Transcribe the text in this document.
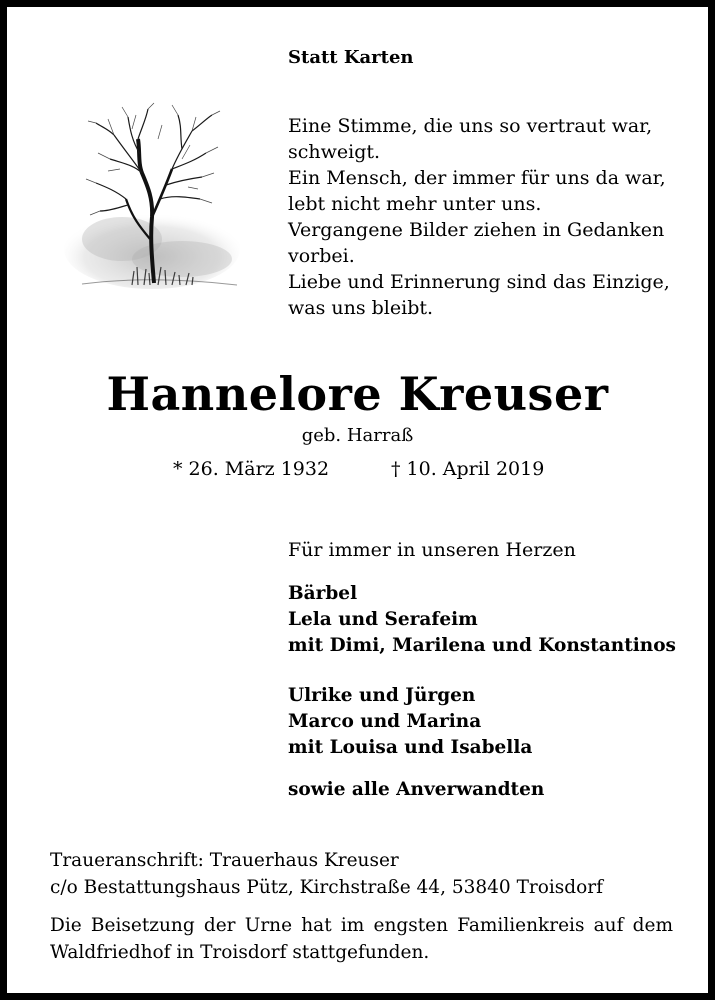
Statt Karten
Eine Stimme, die uns so vertraut war,
schweigt.
Ein Mensch, der immer für uns da war,
lebt nicht mehr unter uns.
Vergangene Bilder ziehen in Gedanken
vorbei.
Liebe und Erinnerung sind das Einzige,
was uns bleibt.
Hannelore Kreuser
geb. Harraß
* 26. März 1932	† 10. April 2019
Für immer in unseren Herzen
Bärbel
Lela und Serafeim
mit Dimi, Marilena und Konstantinos
Ulrike und Jürgen
Marco und Marina
mit Louisa und Isabella
sowie alle Anverwandten
Traueranschrift: Trauerhaus Kreuser
c/o Bestattungshaus Pütz, Kirchstraße 44, 53840 Troisdorf
Die Beisetzung der Urne hat im engsten Familienkreis auf dem
Waldfriedhof in Troisdorf stattgefunden.
